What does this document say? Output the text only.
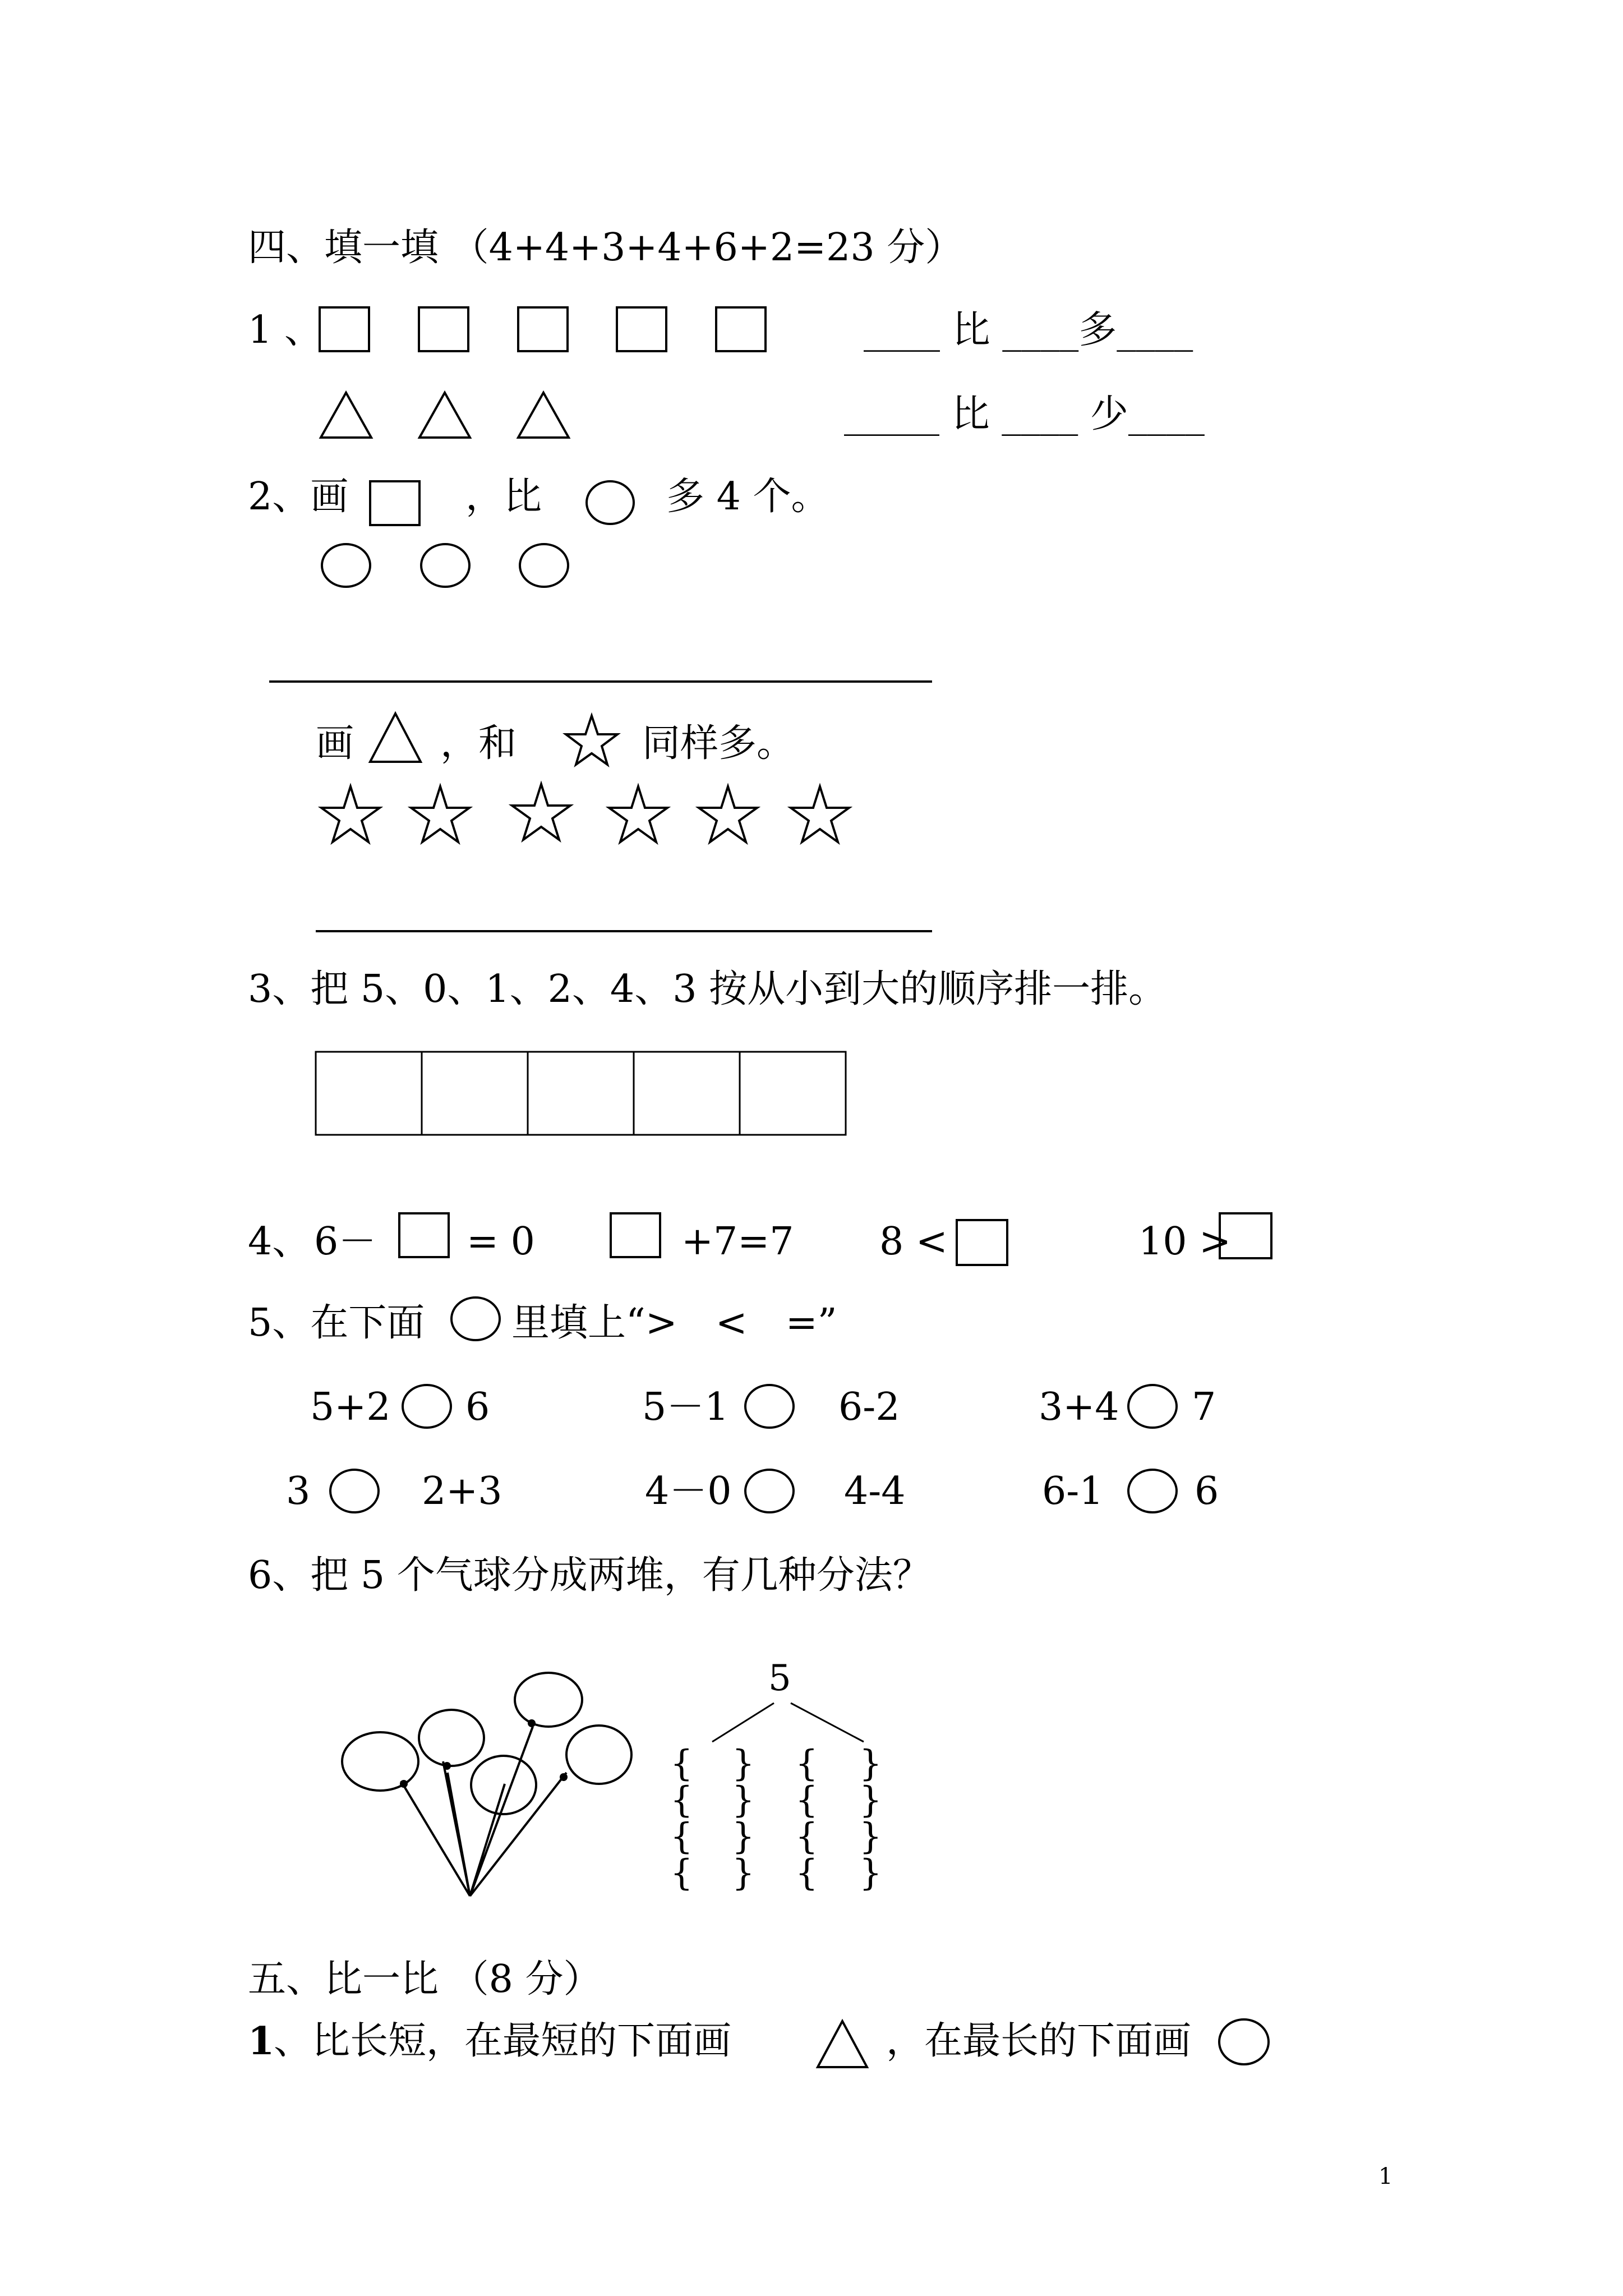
{ } { }
{ } { }
{ } { }
{ } { }
四、填一填 （4+4+3+4+6+2=23 分）
1 、	____ 比 ____多____
_____ 比 ____ 少____
2、画	，比	多 4 个。
画 ，和	同样多。
3、把 5、0、1、2、4、3 按从小到大的顺序排一排。
4、 6－ = 0	+7=7 8 <	10 >
5、在下面 里填上“>　<　=”
5+2 6	5－1	6-2	3+4 7
3	2+3	4－0	4-4	6-1 6
6、把 5 个气球分成两堆，有几种分法？
5
五、比一比 （8 分）
1
、比长短，在最短的下面画	，在最长的下面画
1
